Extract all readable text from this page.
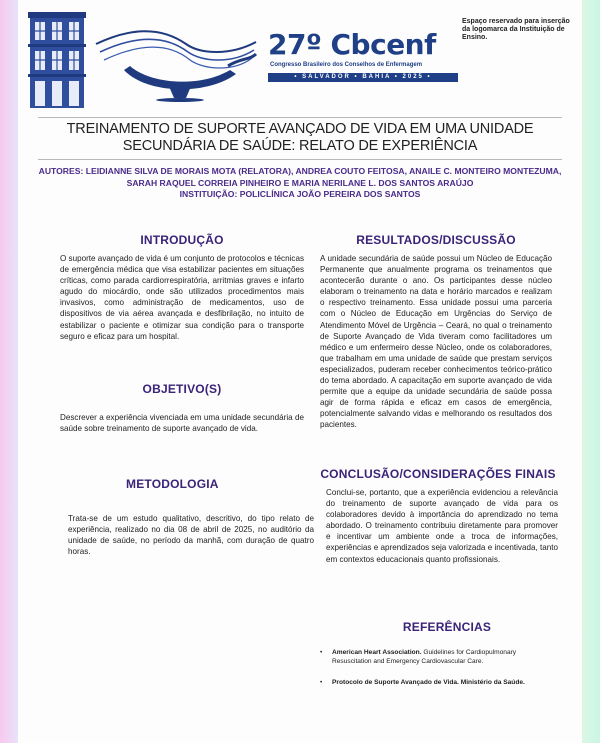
27º Cbcenf
Congresso Brasileiro dos Conselhos de Enfermagem
• SALVADOR • BAHIA • 2025 •
Espaço reservado para inserção da logomarca da Instituição de Ensino.
TREINAMENTO DE SUPORTE AVANÇADO DE VIDA EM UMA UNIDADE SECUNDÁRIA DE SAÚDE: RELATO DE EXPERIÊNCIA
AUTORES: LEIDIANNE SILVA DE MORAIS MOTA (RELATORA), ANDREA COUTO FEITOSA, ANAILE C. MONTEIRO MONTEZUMA, SARAH RAQUEL CORREIA PINHEIRO E MARIA NERILANE L. DOS SANTOS ARAÚJO
INSTITUIÇÃO: POLICLÍNICA JOÃO PEREIRA DOS SANTOS
INTRODUÇÃO

O suporte avançado de vida é um conjunto de protocolos e técnicas de emergência médica que visa estabilizar pacientes em situações críticas, como parada cardiorrespiratória, arritmias graves e infarto agudo do miocárdio, onde são utilizados procedimentos mais invasivos, como administração de medicamentos, uso de dispositivos de via aérea avançada e desfibrilação, no intuito de estabilizar o paciente e otimizar sua condição para o transporte seguro e eficaz para um hospital.

OBJETIVO(S)

Descrever a experiência vivenciada em uma unidade secundária de saúde sobre treinamento de suporte avançado de vida.

METODOLOGIA

Trata-se de um estudo qualitativo, descritivo, do tipo relato de experiência, realizado no dia 08 de abril de 2025, no auditório da unidade de saúde, no período da manhã, com duração de quatro horas.

RESULTADOS/DISCUSSÃO

A unidade secundária de saúde possui um Núcleo de Educação Permanente que anualmente programa os treinamentos que acontecerão durante o ano. Os participantes desse núcleo elaboram o treinamento na data e horário marcados e realizam o respectivo treinamento. Essa unidade possui uma parceria com o Núcleo de Educação em Urgências do Serviço de Atendimento Móvel de Urgência – Ceará, no qual o treinamento de Suporte Avançado de Vida tiveram como facilitadores um médico e um enfermeiro desse Núcleo, onde os colaboradores, que trabalham em uma unidade de saúde que prestam serviços especializados, puderam receber conhecimentos teórico-prático do tema abordado. A capacitação em suporte avançado de vida permite que a equipe da unidade secundária de saúde possa agir de forma rápida e eficaz em casos de emergência, potencialmente salvando vidas e melhorando os resultados dos pacientes.

CONCLUSÃO/CONSIDERAÇÕES FINAIS

Conclui-se, portanto, que a experiência evidenciou a relevância do treinamento de suporte avançado de vida para os colaboradores devido à importância do aprendizado no tema abordado. O treinamento contribuiu diretamente para promover e incentivar um ambiente onde a troca de informações, experiências e aprendizados seja valorizada e incentivada, tanto em contextos educacionais quanto profissionais.

REFERÊNCIAS
• American Heart Association. Guidelines for Cardiopulmonary Resuscitation and Emergency Cardiovascular Care.
• Protocolo de Suporte Avançado de Vida. Ministério da Saúde.
